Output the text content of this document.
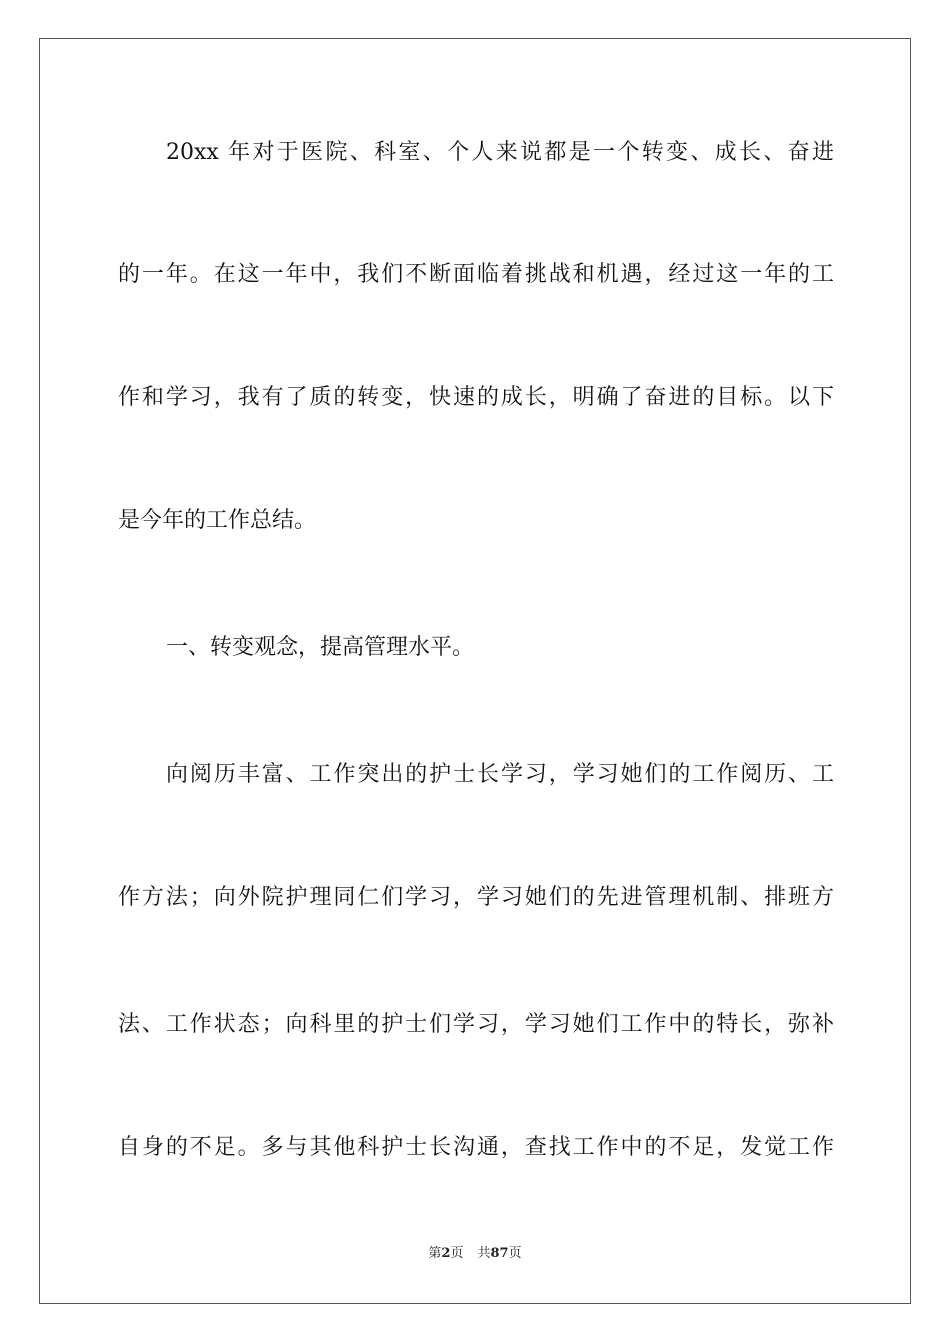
20xx 年对于医院、科室、个人来说都是一个转变、成长、奋进
的一年。在这一年中，我们不断面临着挑战和机遇，经过这一年的工
作和学习，我有了质的转变，快速的成长，明确了奋进的目标。以下
是今年的工作总结。
一、转变观念，提高管理水平。
向阅历丰富、工作突出的护士长学习，学习她们的工作阅历、工
作方法；向外院护理同仁们学习，学习她们的先进管理机制、排班方
法、工作状态；向科里的护士们学习，学习她们工作中的特长，弥补
自身的不足。多与其他科护士长沟通，查找工作中的不足，发觉工作
第2页 共87页
